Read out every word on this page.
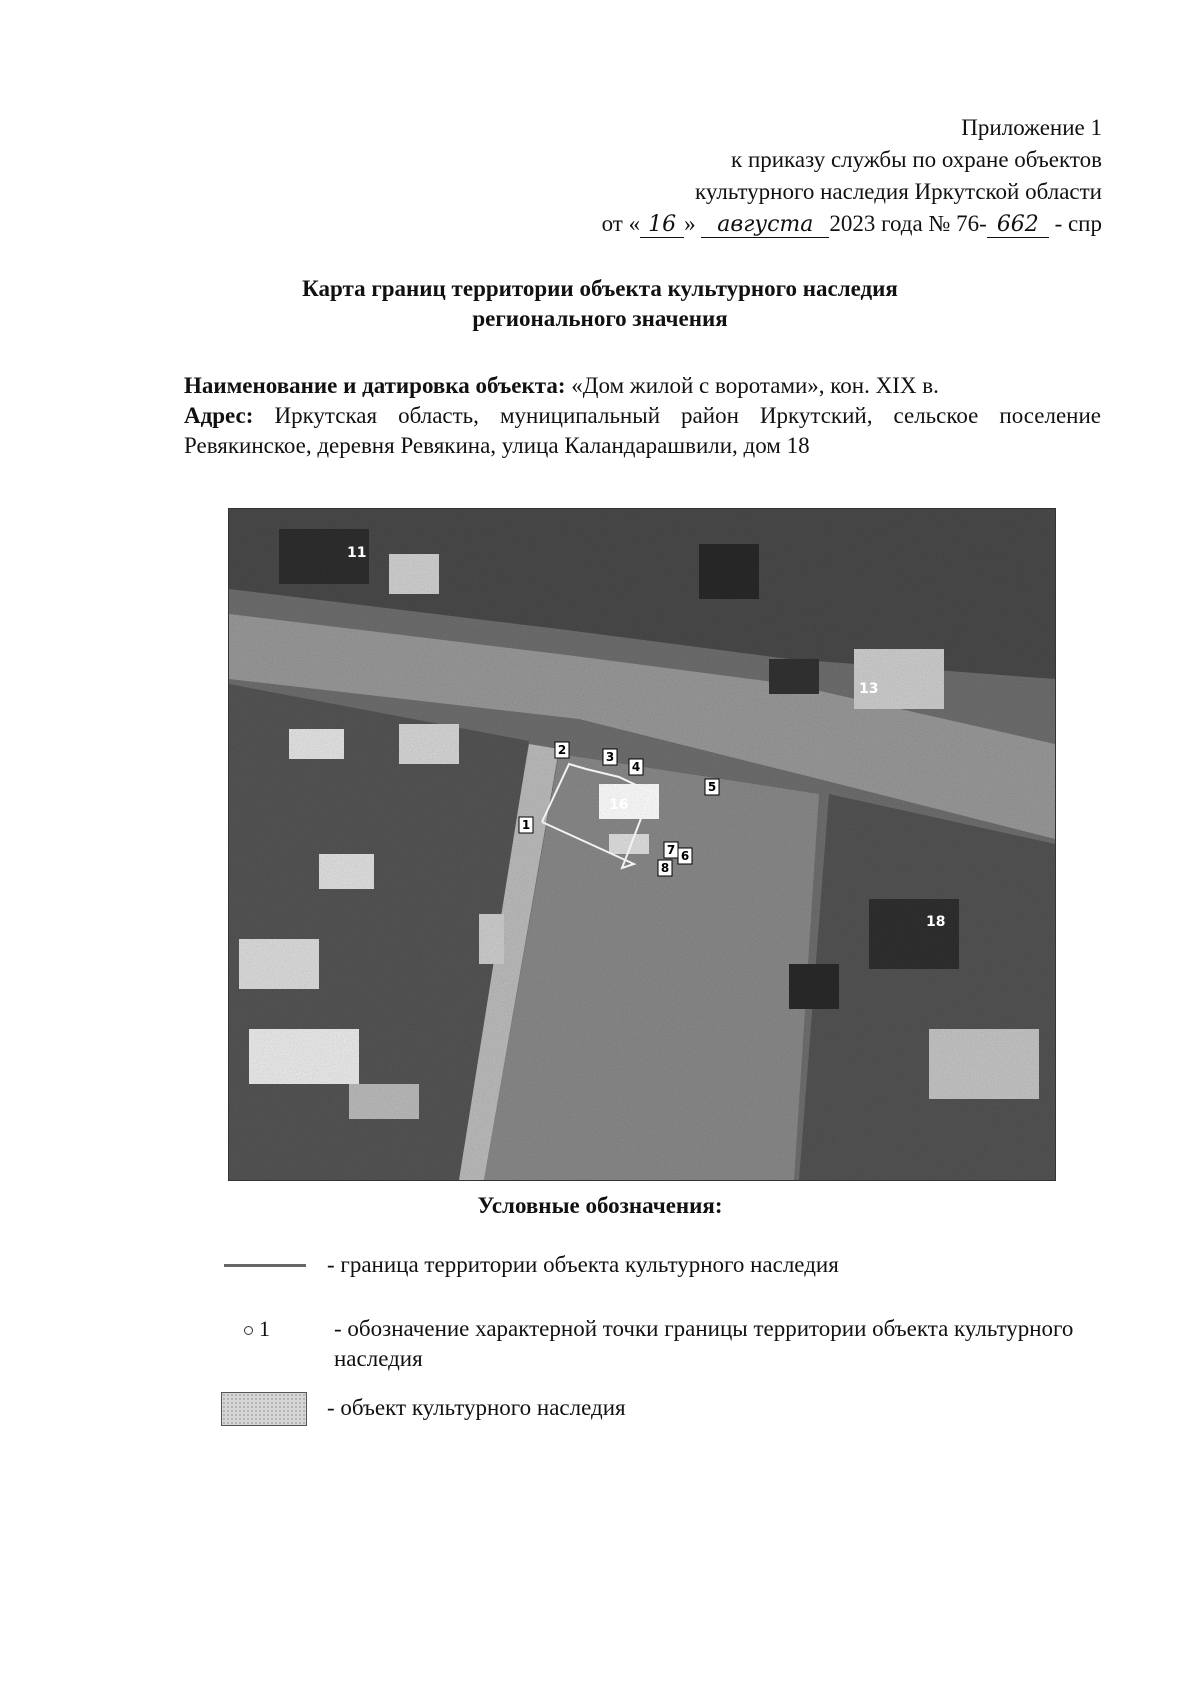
Приложение 1
к приказу службы по охране объектов
культурного наследия Иркутской области
от « 16 » августа 2023 года № 76- 662 - спр
Карта границ территории объекта культурного наследия
регионального значения
Наименование и датировка объекта: «Дом жилой с воротами», кон. XIX в.
Адрес: Иркутская область, муниципальный район Иркутский, сельское поселение Ревякинское, деревня Ревякина, улица Каландарашвили, дом 18
1
2	3
4
5
6
7
8
11
13
16
18
Условные обозначения:
- граница территории объекта культурного наследия
1	- обозначение характерной точки границы территории объекта культурного наследия
- объект культурного наследия
